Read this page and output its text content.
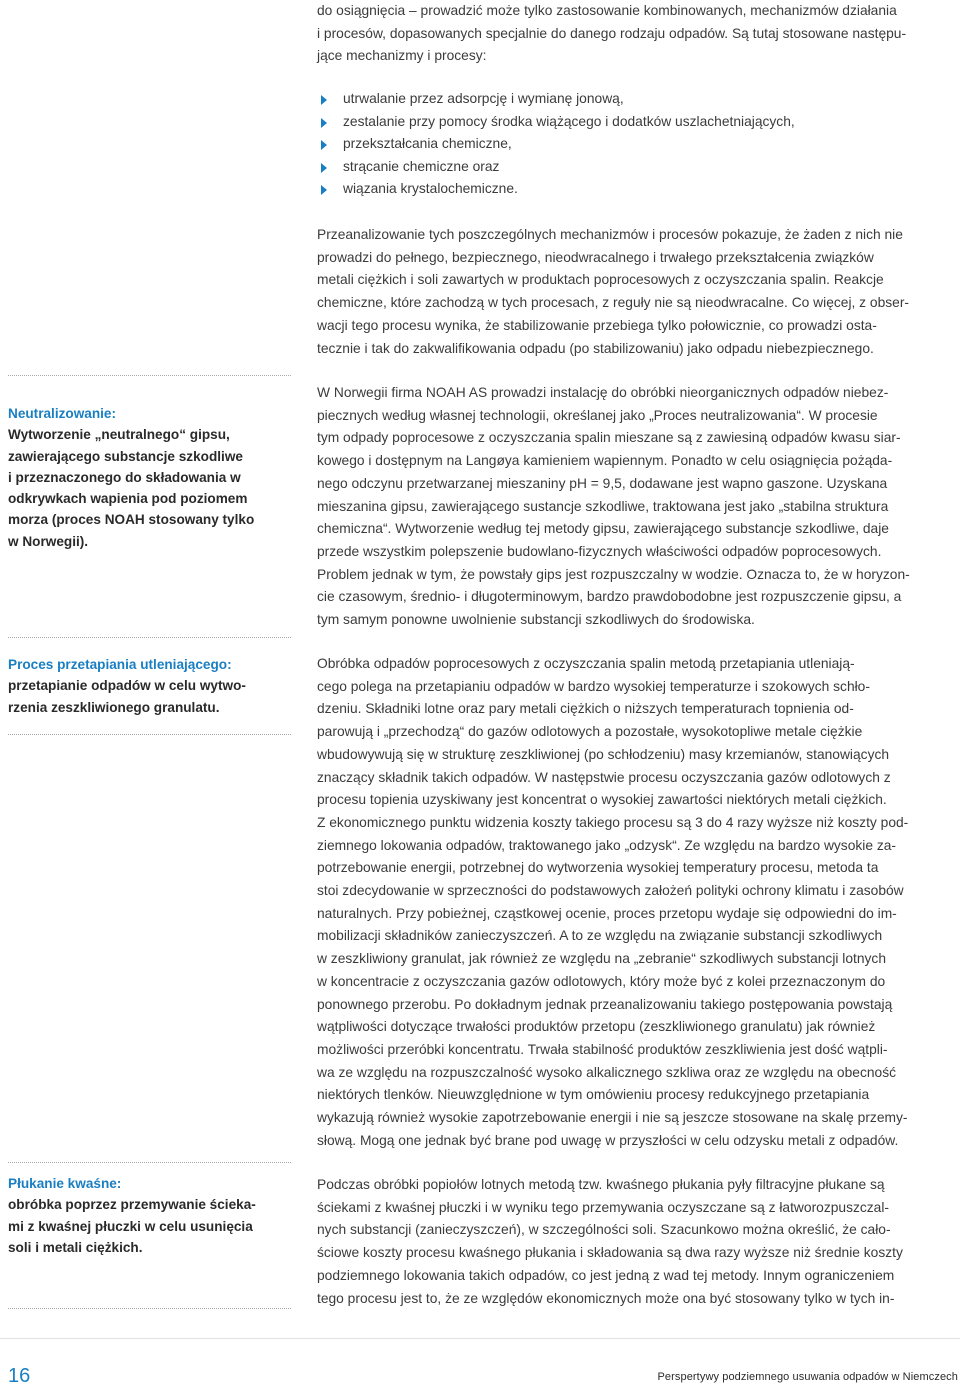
do osiągnięcia – prowadzić może tylko zastosowanie kombinowanych, mechanizmów działania

i procesów, dopasowanych specjalnie do danego rodzaju odpadów. Są tutaj stosowane następu-

jące mechanizmy i procesy:

utrwalanie przez adsorpcję i wymianę jonową,
zestalanie przy pomocy środka wiążącego i dodatków uszlachetniających,
przekształcania chemiczne,
strącanie chemiczne oraz
wiązania krystalochemiczne.

Przeanalizowanie tych poszczególnych mechanizmów i procesów pokazuje, że żaden z nich nie

prowadzi do pełnego, bezpiecznego, nieodwracalnego i trwałego przekształcenia związków

metali ciężkich i soli zawartych w produktach poprocesowych z oczyszczania spalin. Reakcje

chemiczne, które zachodzą w tych procesach, z reguły nie są nieodwracalne. Co więcej, z obser-

wacji tego procesu wynika, że stabilizowanie przebiega tylko połowicznie, co prowadzi osta-

tecznie i tak do zakwalifikowania odpadu (po stabilizowaniu) jako odpadu niebezpiecznego.

W Norwegii firma NOAH AS prowadzi instalację do obróbki nieorganicznych odpadów niebez-

piecznych według własnej technologii, określanej jako „Proces neutralizowania“. W procesie

tym odpady poprocesowe z oczyszczania spalin mieszane są z zawiesiną odpadów kwasu siar-

kowego i dostępnym na Langøya kamieniem wapiennym. Ponadto w celu osiągnięcia pożąda-

nego odczynu przetwarzanej mieszaniny pH = 9,5, dodawane jest wapno gaszone. Uzyskana

mieszanina gipsu, zawierającego sustancje szkodliwe, traktowana jest jako „stabilna struktura

chemiczna“. Wytworzenie według tej metody gipsu, zawierającego substancje szkodliwe, daje

przede wszystkim polepszenie budowlano-fizycznych właściwości odpadów poprocesowych.

Problem jednak w tym, że powstały gips jest rozpuszczalny w wodzie. Oznacza to, że w horyzon-

cie czasowym, średnio- i długoterminowym, bardzo prawdobodobne jest rozpuszczenie gipsu, a

tym samym ponowne uwolnienie substancji szkodliwych do środowiska.

Obróbka odpadów poprocesowych z oczyszczania spalin metodą przetapiania utleniają-

cego polega na przetapianiu odpadów w bardzo wysokiej temperaturze i szokowych schło-

dzeniu. Składniki lotne oraz pary metali ciężkich o niższych temperaturach topnienia od-

parowują i „przechodzą“ do gazów odlotowych a pozostałe, wysokotopliwe metale ciężkie

wbudowywują się w strukturę zeszkliwionej (po schłodzeniu) masy krzemianów, stanowiących

znaczący składnik takich odpadów. W następstwie procesu oczyszczania gazów odlotowych z

procesu topienia uzyskiwany jest koncentrat o wysokiej zawartości niektórych metali ciężkich.

Z ekonomicznego punktu widzenia koszty takiego procesu są 3 do 4 razy wyższe niż koszty pod-

ziemnego lokowania odpadów, traktowanego jako „odzysk“. Ze względu na bardzo wysokie za-

potrzebowanie energii, potrzebnej do wytworzenia wysokiej temperatury procesu, metoda ta

stoi zdecydowanie w sprzeczności do podstawowych założeń polityki ochrony klimatu i zasobów

naturalnych. Przy pobieżnej, cząstkowej ocenie, proces przetopu wydaje się odpowiedni do im-

mobilizacji składników zanieczyszczeń. A to ze względu na związanie substancji szkodliwych

w zeszkliwiony granulat, jak również ze względu na „zebranie“ szkodliwych substancji lotnych

w koncentracie z oczyszczania gazów odlotowych, który może być z kolei przeznaczonym do

ponownego przerobu. Po dokładnym jednak przeanalizowaniu takiego postępowania powstają

wątpliwości dotyczące trwałości produktów przetopu (zeszkliwionego granulatu) jak również

możliwości przeróbki koncentratu. Trwała stabilność produktów zeszkliwienia jest dość wątpli-

wa ze względu na rozpuszczalność wysoko alkalicznego szkliwa oraz ze względu na obecność

niektórych tlenków. Nieuwzględnione w tym omówieniu procesy redukcyjnego przetapiania

wykazują również wysokie zapotrzebowanie energii i nie są jeszcze stosowane na skalę przemy-

słową. Mogą one jednak być brane pod uwagę w przyszłości w celu odzysku metali z odpadów.

Podczas obróbki popiołów lotnych metodą tzw. kwaśnego płukania pyły filtracyjne płukane są

ściekami z kwaśnej płuczki i w wyniku tego przemywania oczyszczane są z łatworozpuszczal-

nych substancji (zanieczyszczeń), w szczególności soli. Szacunkowo można określić, że cało-

ściowe koszty procesu kwaśnego płukania i składowania są dwa razy wyższe niż średnie koszty

podziemnego lokowania takich odpadów, co jest jedną z wad tej metody. Innym ograniczeniem

tego procesu jest to, że ze względów ekonomicznych może ona być stosowany tylko w tych in-

Neutralizowanie:
Wytworzenie „neutralnego“ gipsu,
zawierającego substancje szkodliwe
i przeznaczonego do składowania w
odkrywkach wapienia pod poziomem
morza (proces NOAH stosowany tylko
w Norwegii).
Proces przetapiania utleniającego:
przetapianie odpadów w celu wytwo-
rzenia zeszkliwionego granulatu.
Płukanie kwaśne:
obróbka poprzez przemywanie ścieka-
mi z kwaśnej płuczki w celu usunięcia
soli i metali ciężkich.
16	Perspertywy podziemnego usuwania odpadów w Niemczech
